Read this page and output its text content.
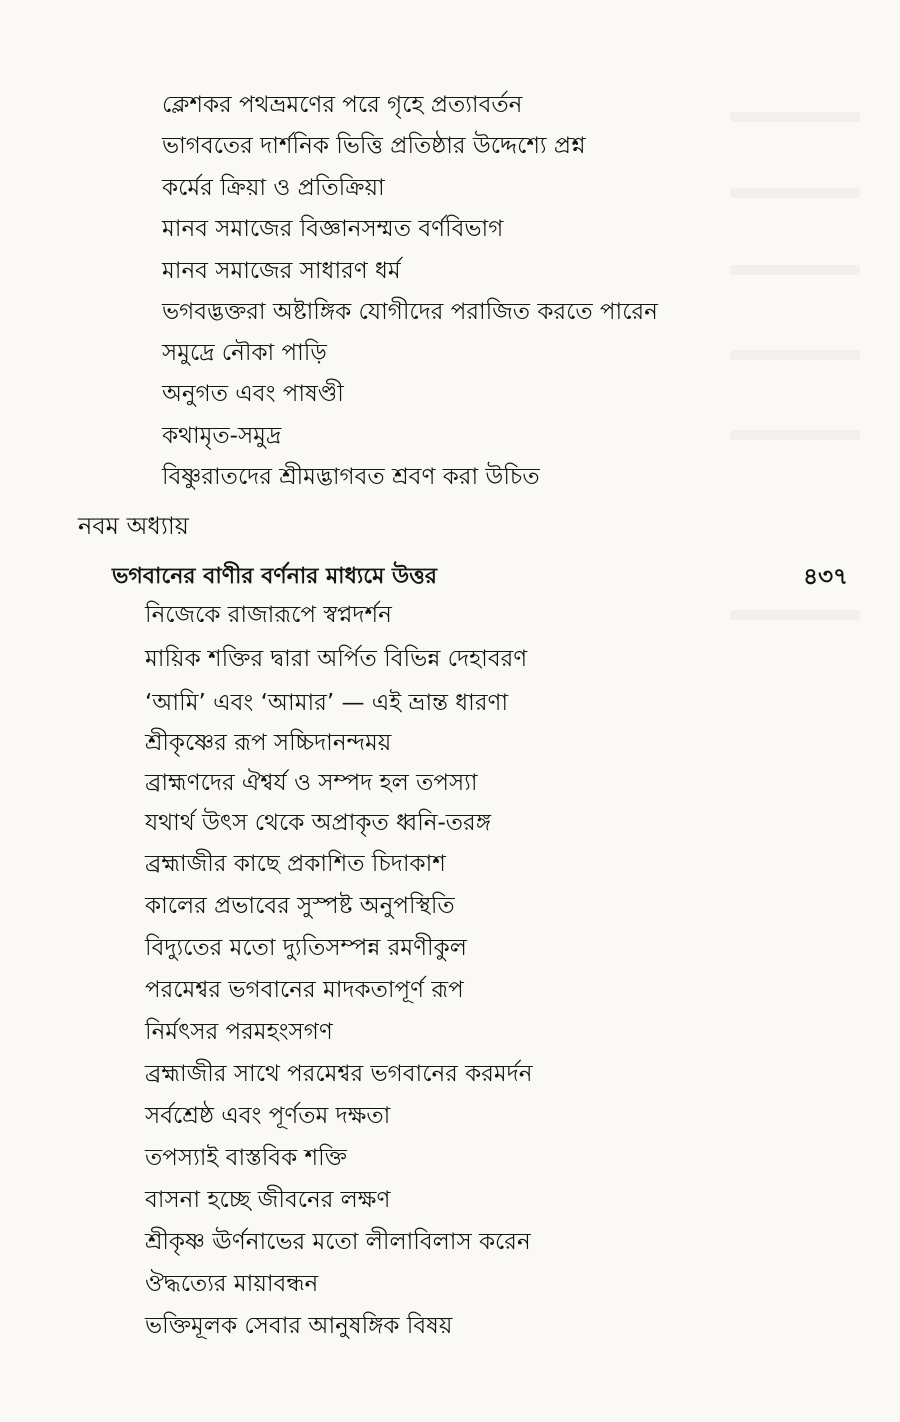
ক্লেশকর পথভ্রমণের পরে গৃহে প্রত্যাবর্তন
ভাগবতের দার্শনিক ভিত্তি প্রতিষ্ঠার উদ্দেশ্যে প্রশ্ন
কর্মের ক্রিয়া ও প্রতিক্রিয়া
মানব সমাজের বিজ্ঞানসম্মত বর্ণবিভাগ
মানব সমাজের সাধারণ ধর্ম
ভগবদ্ভক্তরা অষ্টাঙ্গিক যোগীদের পরাজিত করতে পারেন
সমুদ্রে নৌকা পাড়ি
অনুগত এবং পাষণ্ডী
কথামৃত-সমুদ্র
বিষ্ণুরাতদের শ্রীমদ্ভাগবত শ্রবণ করা উচিত
নবম অধ্যায়
ভগবানের বাণীর বর্ণনার মাধ্যমে উত্তর	৪৩৭
নিজেকে রাজারূপে স্বপ্নদর্শন
মায়িক শক্তির দ্বারা অর্পিত বিভিন্ন দেহাবরণ
‘আমি’ এবং ‘আমার’ — এই ভ্রান্ত ধারণা
শ্রীকৃষ্ণের রূপ সচ্চিদানন্দময়
ব্রাহ্মণদের ঐশ্বর্য ও সম্পদ হল তপস্যা
যথার্থ উৎস থেকে অপ্রাকৃত ধ্বনি-তরঙ্গ
ব্রহ্মাজীর কাছে প্রকাশিত চিদাকাশ
কালের প্রভাবের সুস্পষ্ট অনুপস্থিতি
বিদ্যুতের মতো দ্যুতিসম্পন্ন রমণীকুল
পরমেশ্বর ভগবানের মাদকতাপূর্ণ রূপ
নির্মৎসর পরমহংসগণ
ব্রহ্মাজীর সাথে পরমেশ্বর ভগবানের করমর্দন
সর্বশ্রেষ্ঠ এবং পূর্ণতম দক্ষতা
তপস্যাই বাস্তবিক শক্তি
বাসনা হচ্ছে জীবনের লক্ষণ
শ্রীকৃষ্ণ ঊর্ণনাভের মতো লীলাবিলাস করেন
ঔদ্ধত্যের মায়াবন্ধন
ভক্তিমূলক সেবার আনুষঙ্গিক বিষয়
